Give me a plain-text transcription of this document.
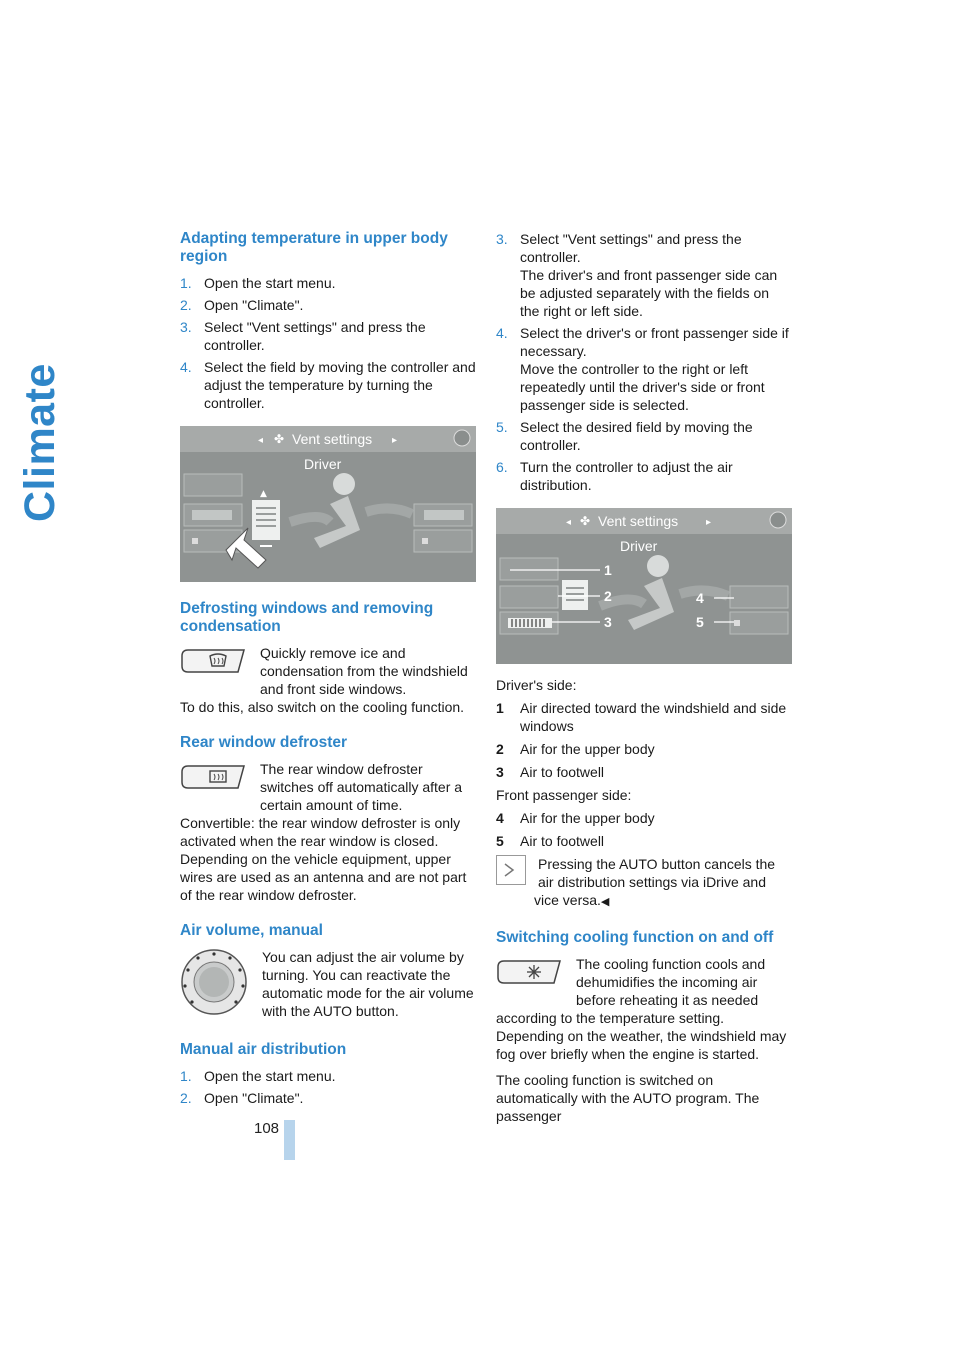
Climate
108
Adapting temperature in upper body region
1. Open the start menu.
2. Open "Climate".
3. Select "Vent settings" and press the controller.
4. Select the field by moving the controller and adjust the temperature by turning the controller.
✤
◂	▸
▲
Vent settings
Driver
Defrosting windows and removing condensation

Quickly remove ice and condensation from the windshield and front side windows.

To do this, also switch on the cooling function.

Rear window defroster

The rear window defroster switches off automatically after a certain amount of time.

Convertible: the rear window defroster is only activated when the rear window is closed.

Depending on the vehicle equipment, upper wires are used as an antenna and are not part of the rear window defroster.

Air volume, manual

You can adjust the air volume by turning. You can reactivate the automatic mode for the air volume with the AUTO button.

Manual air distribution
1. Open the start menu.
2. Open "Climate".
3. Select "Vent settings" and press the controller.
The driver's and front passenger side can be adjusted separately with the fields on the right or left side.
4. Select the driver's or front passenger side if necessary.
Move the controller to the right or left repeatedly until the driver's side or front passenger side is selected.
5. Select the desired field by moving the controller.
6. Turn the controller to adjust the air distribution.
✤
◂	▸
Vent settings
Driver
1
2
3
4
5

Driver's side:

1 Air directed toward the windshield and side windows
2 Air for the upper body
3 Air to footwell

Front passenger side:

4 Air for the upper body
5 Air to footwell

Pressing the AUTO button cancels the air distribution settings via iDrive and vice versa.◀

Switching cooling function on and off

The cooling function cools and dehumidifies the incoming air before reheating it as needed according to the temperature setting. Depending on the weather, the windshield may fog over briefly when the engine is started.

The cooling function is switched on automatically with the AUTO program. The passenger
